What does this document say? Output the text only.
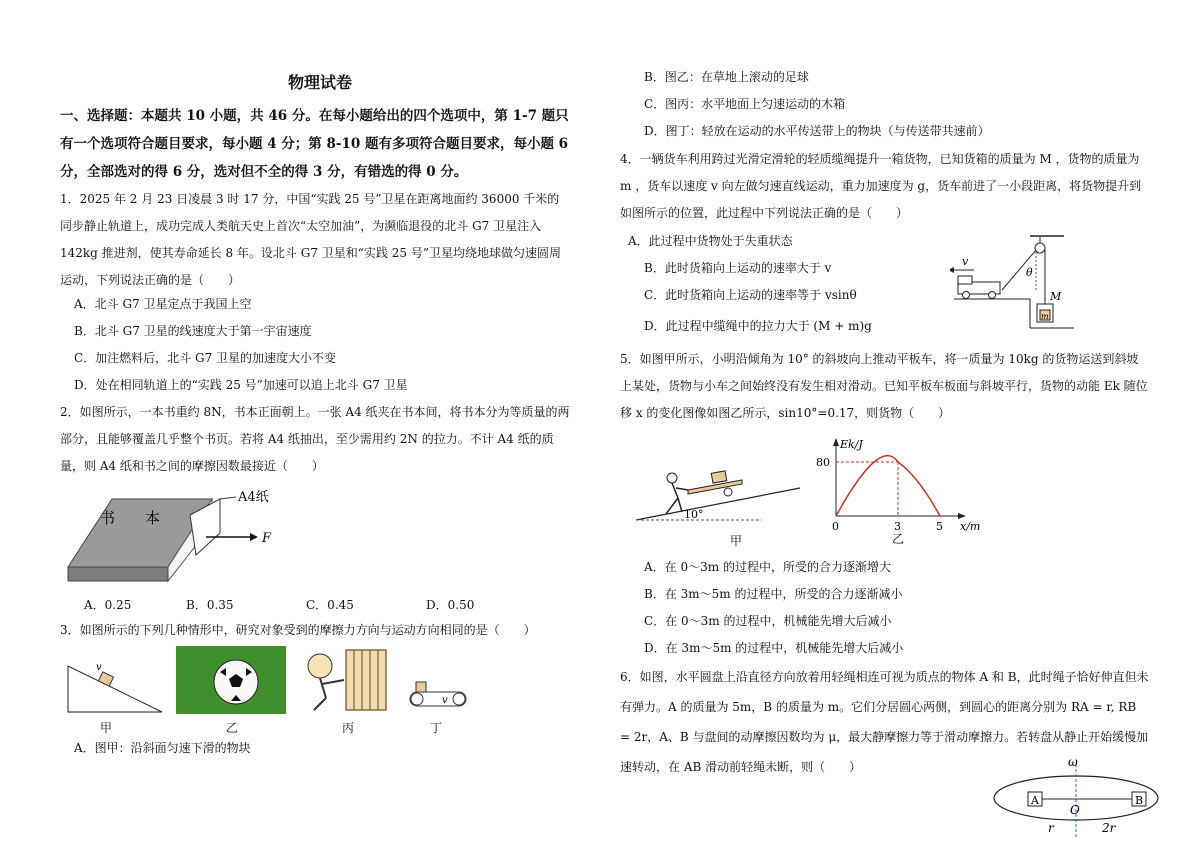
物理试卷
一、选择题：本题共 10 小题，共 46 分。在每小题给出的四个选项中，第 1-7 题只有一个选项符合题目要求，每小题 4 分；第 8-10 题有多项符合题目要求，每小题 6 分，全部选对的得 6 分，选对但不全的得 3 分，有错选的得 0 分。
1．2025 年 2 月 23 日凌晨 3 时 17 分，中国“实践 25 号”卫星在距离地面约 36000 千米的同步静止轨道上，成功完成人类航天史上首次“太空加油”，为濒临退役的北斗 G7 卫星注入 142kg 推进剂，使其寿命延长 8 年。设北斗 G7 卫星和“实践 25 号”卫星均绕地球做匀速圆周运动，下列说法正确的是（　　）
A．北斗 G7 卫星定点于我国上空
B．北斗 G7 卫星的线速度大于第一宇宙速度
C．加注燃料后，北斗 G7 卫星的加速度大小不变
D．处在相同轨道上的“实践 25 号”加速可以追上北斗 G7 卫星
2．如图所示，一本书重约 8N，书本正面朝上。一张 A4 纸夹在书本间，将书本分为等质量的两部分，且能够覆盖几乎整个书页。若将 A4 纸抽出，至少需用约 2N 的拉力。不计 A4 纸的质量，则 A4 纸和书之间的摩擦因数最接近（　　）
A4纸
书　　本
F
A．0.25	B．0.35	C．0.45	D．0.50
3．如图所示的下列几种情形中，研究对象受到的摩擦力方向与运动方向相同的是（　　）
v
甲	乙	丙
v
丁
A．图甲：沿斜面匀速下滑的物块
B．图乙：在草地上滚动的足球
C．图丙：水平地面上匀速运动的木箱
D．图丁：轻放在运动的水平传送带上的物块（与传送带共速前）
4．一辆货车利用跨过光滑定滑轮的轻质缆绳提升一箱货物，已知货箱的质量为 M ，货物的质量为 m ，货车以速度 v 向左做匀速直线运动，重力加速度为 g，货车前进了一小段距离，将货物提升到如图所示的位置，此过程中下列说法正确的是（　　）
A．此过程中货物处于失重状态
B．此时货箱向上运动的速率大于 v
C．此时货箱向上运动的速率等于 vsinθ
D．此过程中缆绳中的拉力大于 (M + m)g
θ
v
M
m
5．如图甲所示，小明沿倾角为 10° 的斜坡向上推动平板车，将一质量为 10kg 的货物运送到斜坡上某处，货物与小车之间始终没有发生相对滑动。已知平板车板面与斜坡平行，货物的动能 Ek 随位移 x 的变化图像如图乙所示，sin10°=0.17，则货物（　　）
10°
甲
Ek/J
x/m
80
0	3	5
乙
A．在 0～3m 的过程中，所受的合力逐渐增大
B．在 3m～5m 的过程中，所受的合力逐渐减小
C．在 0～3m 的过程中，机械能先增大后减小
D．在 3m～5m 的过程中，机械能先增大后减小
6．如图，水平圆盘上沿直径方向放着用轻绳相连可视为质点的物体 A 和 B，此时绳子恰好伸直但未有弹力。A 的质量为 5m，B 的质量为 m。它们分居圆心两侧，到圆心的距离分别为 RA = r, RB = 2r，A、B 与盘间的动摩擦因数均为 μ，最大静摩擦力等于滑动摩擦力。若转盘从静止开始缓慢加速转动，在 AB 滑动前轻绳未断，则（　　）	ω
A	B
O
r	2r
